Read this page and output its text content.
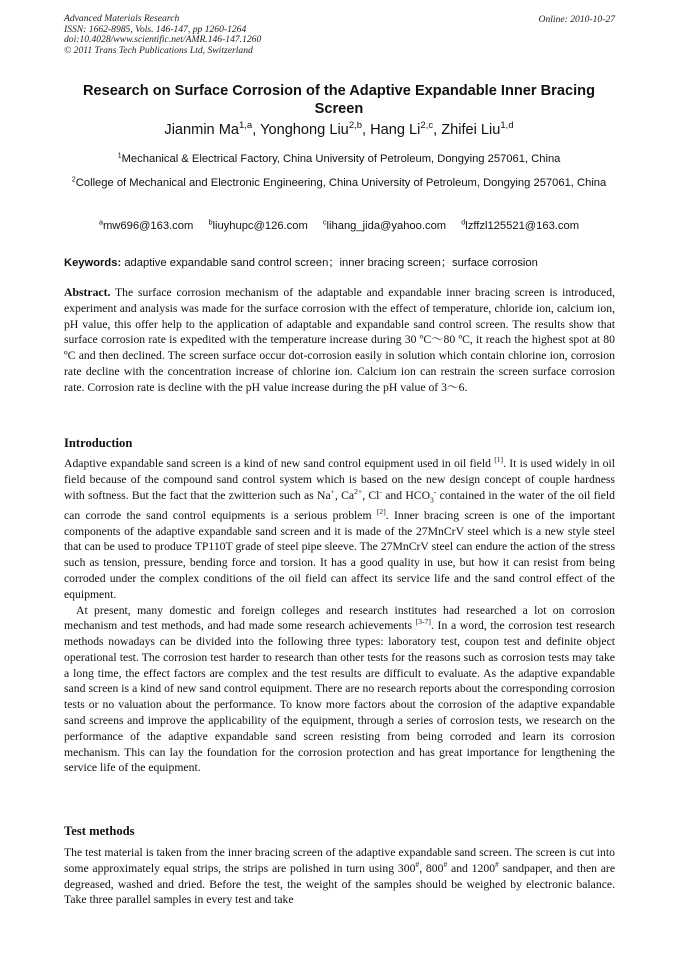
Advanced Materials Research
ISSN: 1662-8985, Vols. 146-147, pp 1260-1264
doi:10.4028/www.scientific.net/AMR.146-147.1260
© 2011 Trans Tech Publications Ltd, Switzerland
Online: 2010-10-27
Research on Surface Corrosion of the Adaptive Expandable Inner Bracing Screen
Jianmin Ma$^{1,a}$, Yonghong Liu$^{2,b}$, Hang Li$^{2,c}$, Zhifei Liu$^{1,d}$
$^1$Mechanical & Electrical Factory, China University of Petroleum, Dongying 257061, China
$^2$College of Mechanical and Electronic Engineering, China University of Petroleum, Dongying 257061, China
$^a$mw696@163.com $^b$liuyhupc@126.com $^c$lihang_jida@yahoo.com $^d$lzffzl125521@163.com
Keywords: adaptive expandable sand control screen；inner bracing screen；surface corrosion

Abstract. The surface corrosion mechanism of the adaptable and expandable inner bracing screen is introduced, experiment and analysis was made for the surface corrosion with the effect of temperature, chloride ion, calcium ion, pH value, this offer help to the application of adaptable and expandable sand control screen. The results show that surface corrosion rate is expedited with the temperature increase during 30 ºC～80 ºC, it reach the highest spot at 80 ºC and then declined. The screen surface occur dot-corrosion easily in solution which contain chlorine ion, corrosion rate decline with the concentration increase of chlorine ion. Calcium ion can restrain the screen surface corrosion rate. Corrosion rate is decline with the pH value increase during the pH value of 3～6.

Introduction

Adaptive expandable sand screen is a kind of new sand control equipment used in oil field [1]. It is used widely in oil field because of the compound sand control system which is based on the new design concept of couple hardness with softness. But the fact that the zwitterion such as Na+, $Ca^{2+}$, Cl- and $HCO_3^-$ contained in the water of the oil field can corrode the sand control equipments is a serious problem [2]. Inner bracing screen is one of the important components of the adaptive expandable sand screen and it is made of the 27MnCrV steel which is a new style steel that can be used to produce TP110T grade of steel pipe sleeve. The 27MnCrV steel can endure the action of the stress such as tension, pressure, bending force and torsion. It has a good quality in use, but how it can resist from being corroded under the complex conditions of the oil field can affect its service life and the sand control effect of the equipment.

At present, many domestic and foreign colleges and research institutes had researched a lot on corrosion mechanism and test methods, and had made some research achievements [3-7]. In a word, the corrosion test research methods nowadays can be divided into the following three types: laboratory test, coupon test and definite object operational test. The corrosion test harder to research than other tests for the reasons such as corrosion tests may take a long time, the effect factors are complex and the test results are difficult to evaluate. As the adaptive expandable sand screen is a kind of new sand control equipment. There are no research reports about the corresponding corrosion tests or no valuation about the performance. To know more factors about the corrosion of the adaptive expandable sand screens and improve the applicability of the equipment, through a series of corrosion tests, we research on the performance of the adaptive expandable sand screen resisting from being corroded and learn its corrosion mechanism. This can lay the foundation for the corrosion protection and has great importance for lengthening the service life of the equipment.

Test methods

The test material is taken from the inner bracing screen of the adaptive expandable sand screen. The screen is cut into some approximately equal strips, the strips are polished in turn using 300#, 800# and 1200# sandpaper, and then are degreased, washed and dried. Before the test, the weight of the samples should be weighed by electronic balance. Take three parallel samples in every test and take
